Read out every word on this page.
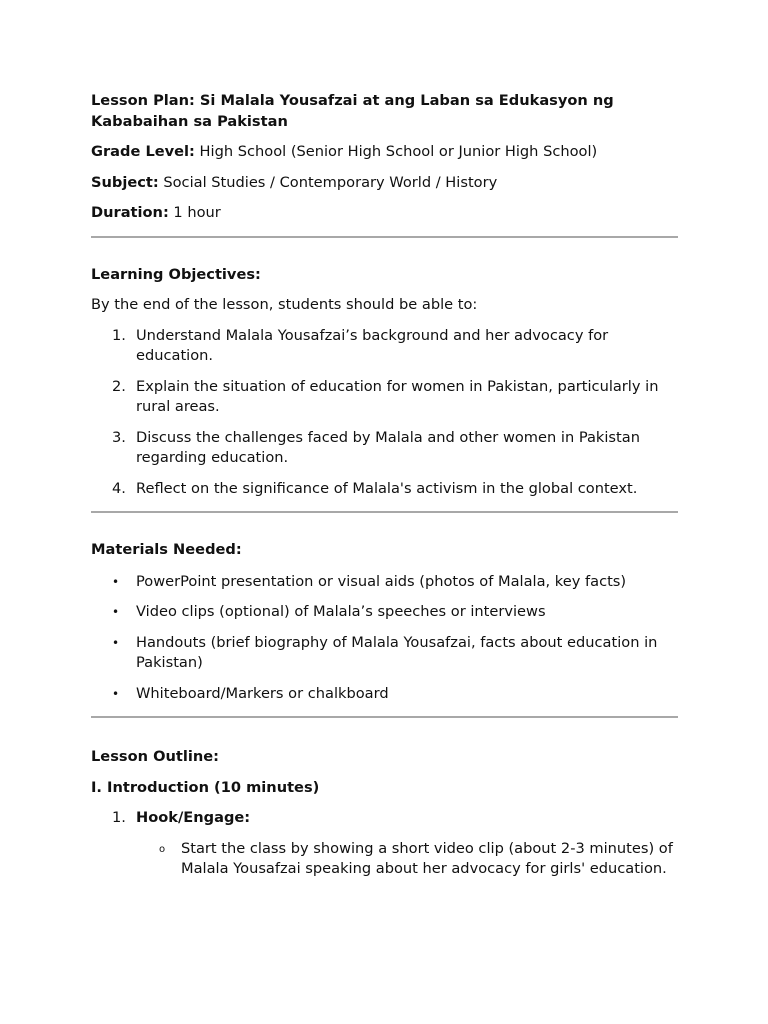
Lesson Plan: Si Malala Yousafzai at ang Laban sa Edukasyon ng Kababaihan sa Pakistan

Grade Level: High School (Senior High School or Junior High School)

Subject: Social Studies / Contemporary World / History

Duration: 1 hour

Learning Objectives:

By the end of the lesson, students should be able to:

1. Understand Malala Yousafzai’s background and her advocacy for education.
2. Explain the situation of education for women in Pakistan, particularly in rural areas.
3. Discuss the challenges faced by Malala and other women in Pakistan regarding education.
4. Reflect on the significance of Malala's activism in the global context.

Materials Needed:

• PowerPoint presentation or visual aids (photos of Malala, key facts)
• Video clips (optional) of Malala’s speeches or interviews
• Handouts (brief biography of Malala Yousafzai, facts about education in Pakistan)
• Whiteboard/Markers or chalkboard

Lesson Outline:

I. Introduction (10 minutes)

1. Hook/Engage:
o Start the class by showing a short video clip (about 2-3 minutes) of Malala Yousafzai speaking about her advocacy for girls' education.
